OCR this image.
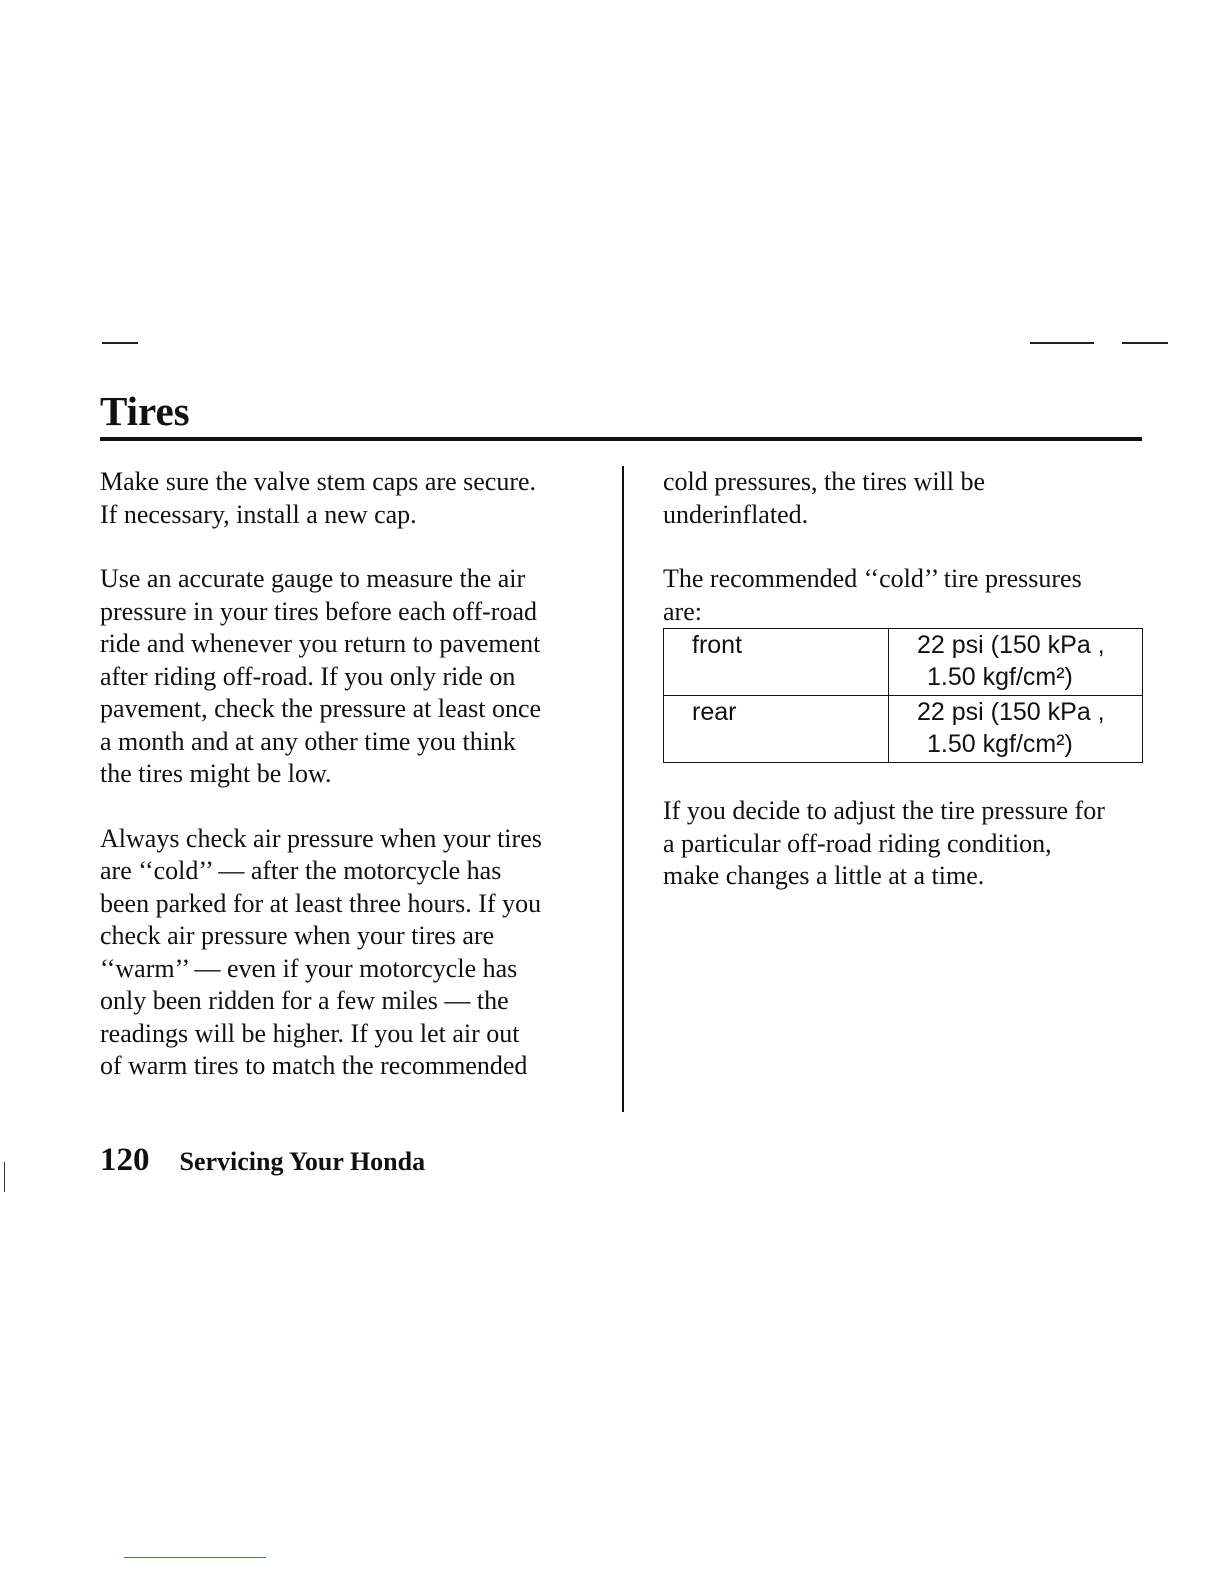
Tires

Make sure the valve stem caps are secure.
If necessary, install a new cap.

Use an accurate gauge to measure the air
pressure in your tires before each off-road
ride and whenever you return to pavement
after riding off-road. If you only ride on
pavement, check the pressure at least once
a month and at any other time you think
the tires might be low.

Always check air pressure when your tires
are ‘‘cold’’ — after the motorcycle has
been parked for at least three hours. If you
check air pressure when your tires are
‘‘warm’’ — even if your motorcycle has
only been ridden for a few miles — the
readings will be higher. If you let air out
of warm tires to match the recommended

cold pressures, the tires will be
underinflated.

The recommended ‘‘cold’’ tire pressures
are:

front	22 psi (150 kPa ,
1.50 kgf/cm²)

rear	22 psi (150 kPa ,
1.50 kgf/cm²)

If you decide to adjust the tire pressure for
a particular off-road riding condition,
make changes a little at a time.

120 Servicing Your Honda
